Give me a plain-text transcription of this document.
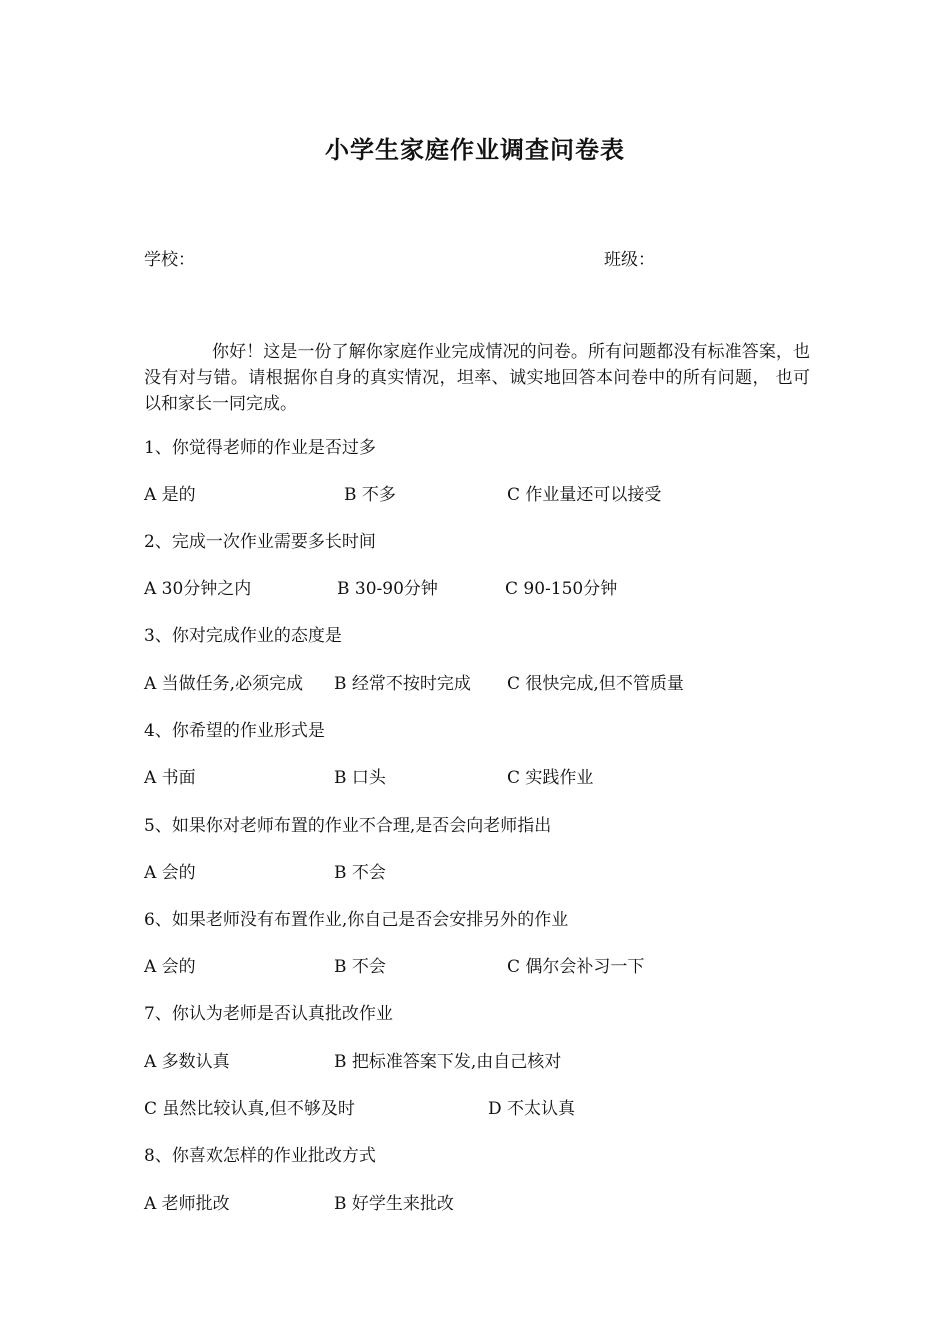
小学生家庭作业调查问卷表
学校：	班级：

你好！这是一份了解你家庭作业完成情况的问卷。所有问题都没有标准答案，也没有对与错。请根据你自身的真实情况，坦率、诚实地回答本问卷中的所有问题， 也可以和家长一同完成。

1、你觉得老师的作业是否过多
A 是的	B 不多	C 作业量还可以接受
2、完成一次作业需要多长时间
A 30分钟之内	B 30-90分钟	C 90-150分钟
3、你对完成作业的态度是
A 当做任务,必须完成 B 经常不按时完成 C 很快完成,但不管质量
4、你希望的作业形式是
A 书面	B 口头	C 实践作业
5、如果你对老师布置的作业不合理,是否会向老师指出
A 会的	B 不会
6、如果老师没有布置作业,你自己是否会安排另外的作业
A 会的	B 不会	C 偶尔会补习一下
7、你认为老师是否认真批改作业
A 多数认真	B 把标准答案下发,由自己核对
C 虽然比较认真,但不够及时	D 不太认真
8、你喜欢怎样的作业批改方式
A 老师批改	B 好学生来批改
